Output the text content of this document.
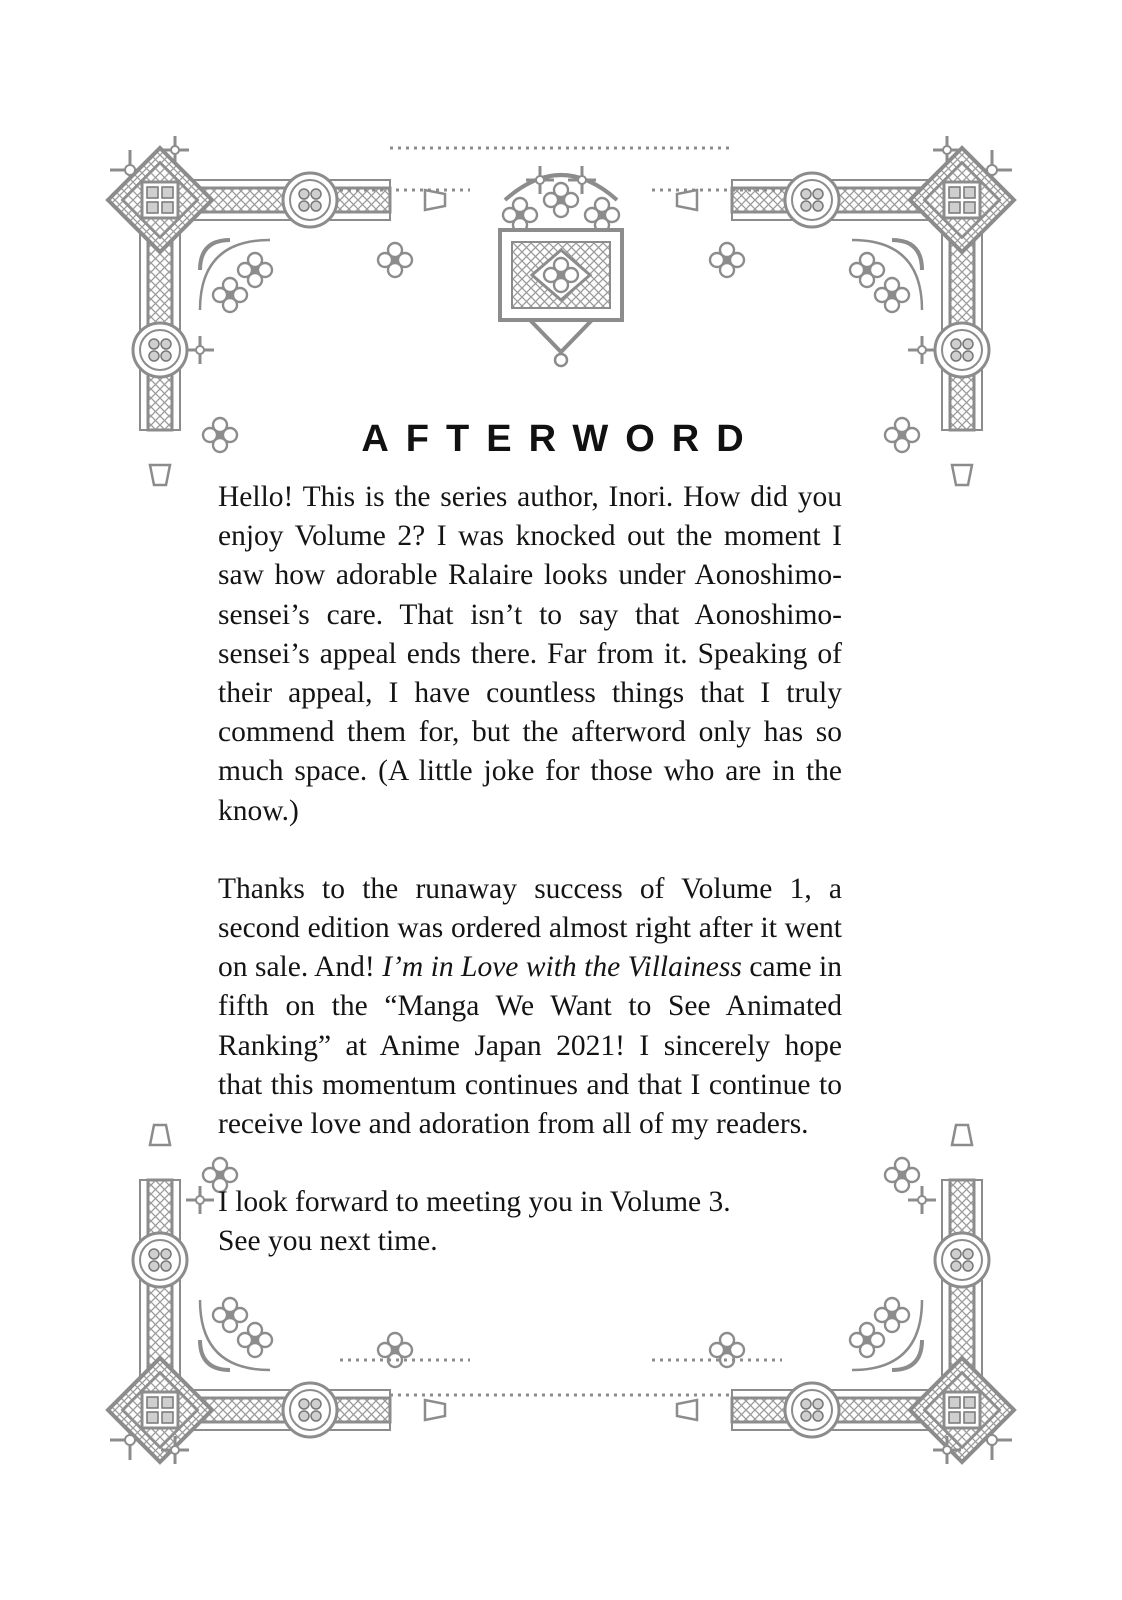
AFTERWORD

Hello! This is the series author, Inori. How did you enjoy Volume 2? I was knocked out the moment I saw how adorable Ralaire looks under Aonoshimo-sensei’s care. That isn’t to say that Aonoshimo-sensei’s appeal ends there. Far from it. Speaking of their appeal, I have countless things that I truly commend them for, but the afterword only has so much space. (A little joke for those who are in the know.)

Thanks to the runaway success of Volume 1, a second edition was ordered almost right after it went on sale. And! I’m in Love with the Villainess came in fifth on the “Manga We Want to See Animated Ranking” at Anime Japan 2021! I sincerely hope that this momentum continues and that I continue to receive love and adoration from all of my readers.

I look forward to meeting you in Volume 3.
See you next time.
